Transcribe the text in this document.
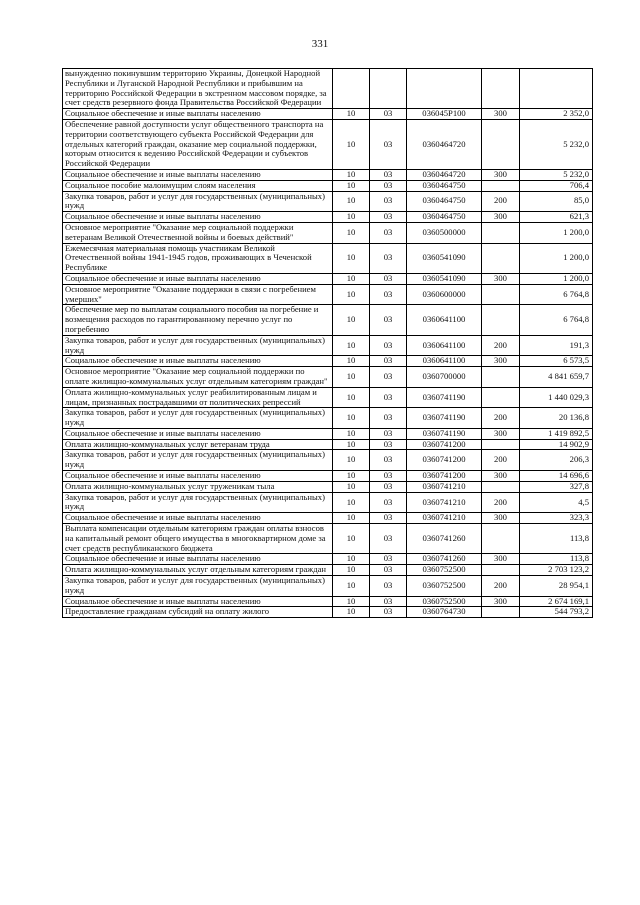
331
вынужденно покинувшим территорию Украины, Донецкой Народной Республики и Луганской Народной Республики и прибывшим на территорию Российской Федерации в экстренном массовом порядке, за счет средств резервного фонда Правительства Российской Федерации					
Социальное обеспечение и иные выплаты населению	10	03	036045P100	300	2 352,0
Обеспечение равной доступности услуг общественного транспорта на территории соответствующего субъекта Российской Федерации для отдельных категорий граждан, оказание мер социальной поддержки, которым относится к ведению Российской Федерации и субъектов Российской Федерации	10	03	0360464720		5 232,0
Социальное обеспечение и иные выплаты населению	10	03	0360464720	300	5 232,0
Социальное пособие малоимущим слоям населения	10	03	0360464750		706,4
Закупка товаров, работ и услуг для государственных (муниципальных) нужд	10	03	0360464750	200	85,0
Социальное обеспечение и иные выплаты населению	10	03	0360464750	300	621,3
Основное мероприятие "Оказание мер социальной поддержки ветеранам Великой Отечественной войны и боевых действий"	10	03	0360500000		1 200,0
Ежемесячная материальная помощь участникам Великой Отечественной войны 1941-1945 годов, проживающих в Чеченской Республике	10	03	0360541090		1 200,0
Социальное обеспечение и иные выплаты населению	10	03	0360541090	300	1 200,0
Основное мероприятие "Оказание поддержки в связи с погребением умерших"	10	03	0360600000		6 764,8
Обеспечение мер по выплатам социального пособия на погребение и возмещения расходов по гарантированному перечню услуг по погребению	10	03	0360641100		6 764,8
Закупка товаров, работ и услуг для государственных (муниципальных) нужд	10	03	0360641100	200	191,3
Социальное обеспечение и иные выплаты населению	10	03	0360641100	300	6 573,5
Основное мероприятие "Оказание мер социальной поддержки по оплате жилищно-коммунальных услуг отдельным категориям граждан"	10	03	0360700000		4 841 659,7
Оплата жилищно-коммунальных услуг реабилитированным лицам и лицам, признанных пострадавшими от политических репрессий	10	03	0360741190		1 440 029,3
Закупка товаров, работ и услуг для государственных (муниципальных) нужд	10	03	0360741190	200	20 136,8
Социальное обеспечение и иные выплаты населению	10	03	0360741190	300	1 419 892,5
Оплата жилищно-коммунальных услуг ветеранам труда	10	03	0360741200		14 902,9
Закупка товаров, работ и услуг для государственных (муниципальных) нужд	10	03	0360741200	200	206,3
Социальное обеспечение и иные выплаты населению	10	03	0360741200	300	14 696,6
Оплата жилищно-коммунальных услуг труженикам тыла	10	03	0360741210		327,8
Закупка товаров, работ и услуг для государственных (муниципальных) нужд	10	03	0360741210	200	4,5
Социальное обеспечение и иные выплаты населению	10	03	0360741210	300	323,3
Выплата компенсации отдельным категориям граждан оплаты взносов на капитальный ремонт общего имущества в многоквартирном доме за счет средств республиканского бюджета	10	03	0360741260		113,8
Социальное обеспечение и иные выплаты населению	10	03	0360741260	300	113,8
Оплата жилищно-коммунальных услуг отдельным категориям граждан	10	03	0360752500		2 703 123,2
Закупка товаров, работ и услуг для государственных (муниципальных) нужд	10	03	0360752500	200	28 954,1
Социальное обеспечение и иные выплаты населению	10	03	0360752500	300	2 674 169,1
Предоставление гражданам субсидий на оплату жилого	10	03	0360764730		544 793,2
